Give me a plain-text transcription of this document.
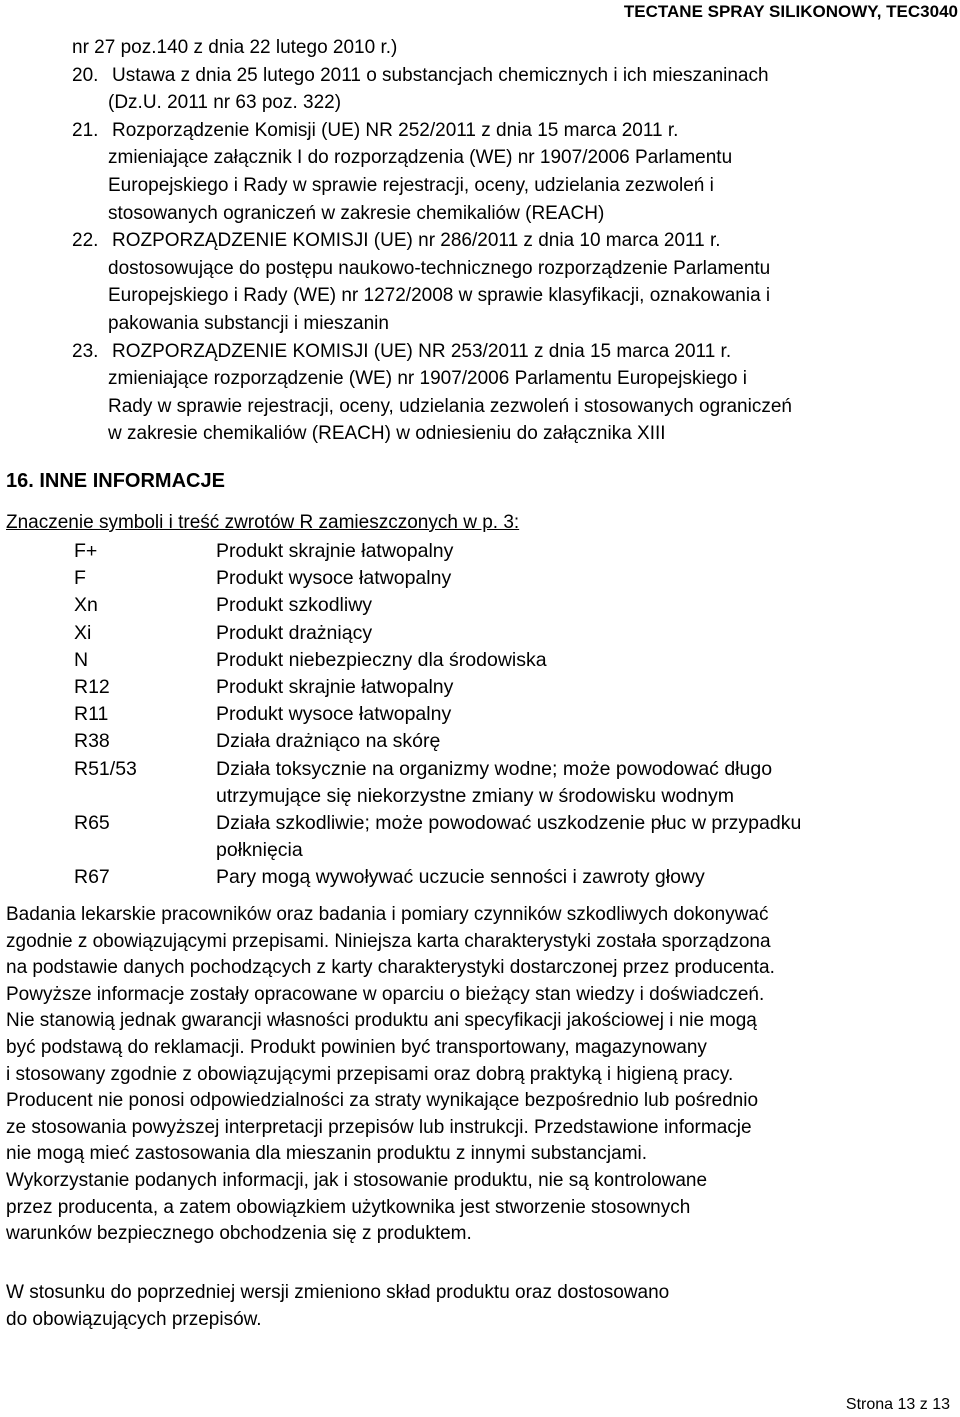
TECTANE SPRAY SILIKONOWY, TEC3040
nr 27 poz.140 z dnia 22 lutego 2010 r.)
20. Ustawa z dnia 25 lutego 2011 o substancjach chemicznych i ich mieszaninach
(Dz.U. 2011 nr 63 poz. 322)
21. Rozporządzenie Komisji (UE) NR 252/2011 z dnia 15 marca 2011 r.
zmieniające załącznik I do rozporządzenia (WE) nr 1907/2006 Parlamentu
Europejskiego i Rady w sprawie rejestracji, oceny, udzielania zezwoleń i
stosowanych ograniczeń w zakresie chemikaliów (REACH)
22. ROZPORZĄDZENIE KOMISJI (UE) nr 286/2011 z dnia 10 marca 2011 r.
dostosowujące do postępu naukowo-technicznego rozporządzenie Parlamentu
Europejskiego i Rady (WE) nr 1272/2008 w sprawie klasyfikacji, oznakowania i
pakowania substancji i mieszanin
23. ROZPORZĄDZENIE KOMISJI (UE) NR 253/2011 z dnia 15 marca 2011 r.
zmieniające rozporządzenie (WE) nr 1907/2006 Parlamentu Europejskiego i
Rady w sprawie rejestracji, oceny, udzielania zezwoleń i stosowanych ograniczeń
w zakresie chemikaliów (REACH) w odniesieniu do załącznika XIII
16. INNE INFORMACJE
Znaczenie symboli i treść zwrotów R zamieszczonych w p. 3:
F+	Produkt skrajnie łatwopalny
F	Produkt wysoce łatwopalny
Xn	Produkt szkodliwy
Xi	Produkt drażniący
N	Produkt niebezpieczny dla środowiska
R12	Produkt skrajnie łatwopalny
R11	Produkt wysoce łatwopalny
R38	Działa drażniąco na skórę
R51/53	Działa toksycznie na organizmy wodne; może powodować długo
utrzymujące się niekorzystne zmiany w środowisku wodnym
R65	Działa szkodliwie; może powodować uszkodzenie płuc w przypadku
połknięcia
R67	Pary mogą wywoływać uczucie senności i zawroty głowy
Badania lekarskie pracowników oraz badania i pomiary czynników szkodliwych dokonywać
zgodnie z obowiązującymi przepisami. Niniejsza karta charakterystyki została sporządzona
na podstawie danych pochodzących z karty charakterystyki dostarczonej przez producenta.
Powyższe informacje zostały opracowane w oparciu o bieżący stan wiedzy i doświadczeń.
Nie stanowią jednak gwarancji własności produktu ani specyfikacji jakościowej i nie mogą
być podstawą do reklamacji. Produkt powinien być transportowany, magazynowany
i stosowany zgodnie z obowiązującymi przepisami oraz dobrą praktyką i higieną pracy.
Producent nie ponosi odpowiedzialności za straty wynikające bezpośrednio lub pośrednio
ze stosowania powyższej interpretacji przepisów lub instrukcji. Przedstawione informacje
nie mogą mieć zastosowania dla mieszanin produktu z innymi substancjami.
Wykorzystanie podanych informacji, jak i stosowanie produktu, nie są kontrolowane
przez producenta, a zatem obowiązkiem użytkownika jest stworzenie stosownych
warunków bezpiecznego obchodzenia się z produktem.
W stosunku do poprzedniej wersji zmieniono skład produktu oraz dostosowano
do obowiązujących przepisów.
Strona 13 z 13
